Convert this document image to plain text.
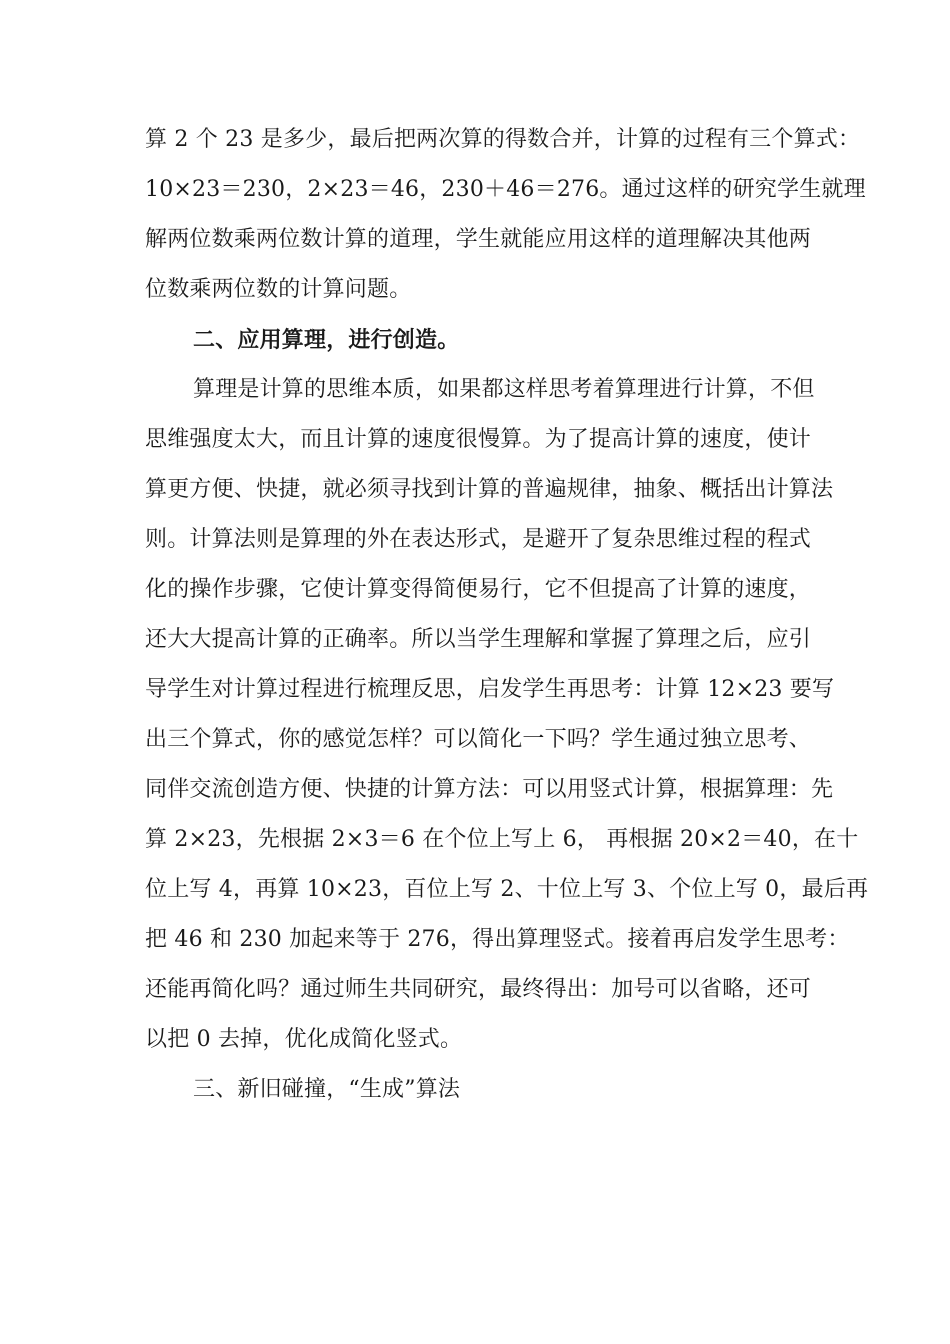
算 2 个 23 是多少，最后把两次算的得数合并，计算的过程有三个算式：
10×23＝230，2×23＝46，230＋46＝276。通过这样的研究学生就理
解两位数乘两位数计算的道理，学生就能应用这样的道理解决其他两
位数乘两位数的计算问题。
二、应用算理，进行创造。
算理是计算的思维本质，如果都这样思考着算理进行计算，不但
思维强度太大，而且计算的速度很慢算。为了提高计算的速度，使计
算更方便、快捷，就必须寻找到计算的普遍规律，抽象、概括出计算法
则。计算法则是算理的外在表达形式，是避开了复杂思维过程的程式
化的操作步骤，它使计算变得简便易行，它不但提高了计算的速度，
还大大提高计算的正确率。所以当学生理解和掌握了算理之后，应引
导学生对计算过程进行梳理反思，启发学生再思考：计算 12×23 要写
出三个算式，你的感觉怎样？可以简化一下吗？学生通过独立思考、
同伴交流创造方便、快捷的计算方法：可以用竖式计算，根据算理：先
算 2×23，先根据 2×3＝6 在个位上写上 6， 再根据 20×2＝40，在十
位上写 4，再算 10×23，百位上写 2、十位上写 3、个位上写 0，最后再
把 46 和 230 加起来等于 276，得出算理竖式。接着再启发学生思考：
还能再简化吗？通过师生共同研究，最终得出：加号可以省略，还可
以把 0 去掉，优化成简化竖式。
三、新旧碰撞，“生成”算法
